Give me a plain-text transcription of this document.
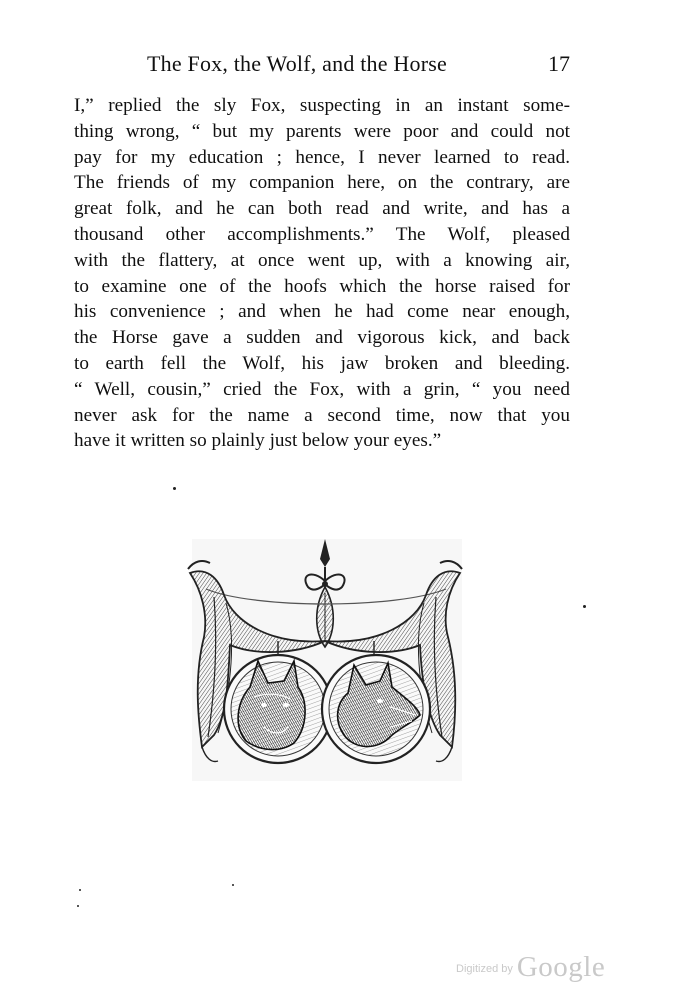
The Fox, the Wolf, and the Horse	17
I,” replied the sly Fox, suspecting in an instant some-
thing wrong, “ but my parents were poor and could not
pay for my education ; hence, I never learned to read.
The friends of my companion here, on the contrary, are
great folk, and he can both read and write, and has a
thousand other accomplishments.” The Wolf, pleased
with the flattery, at once went up, with a knowing air,
to examine one of the hoofs which the horse raised for
his convenience ; and when he had come near enough,
the Horse gave a sudden and vigorous kick, and back
to earth fell the Wolf, his jaw broken and bleeding.
“ Well, cousin,” cried the Fox, with a grin, “ you need
never ask for the name a second time, now that you
have it written so plainly just below your eyes.”
$^{Digitized by}$ Google
